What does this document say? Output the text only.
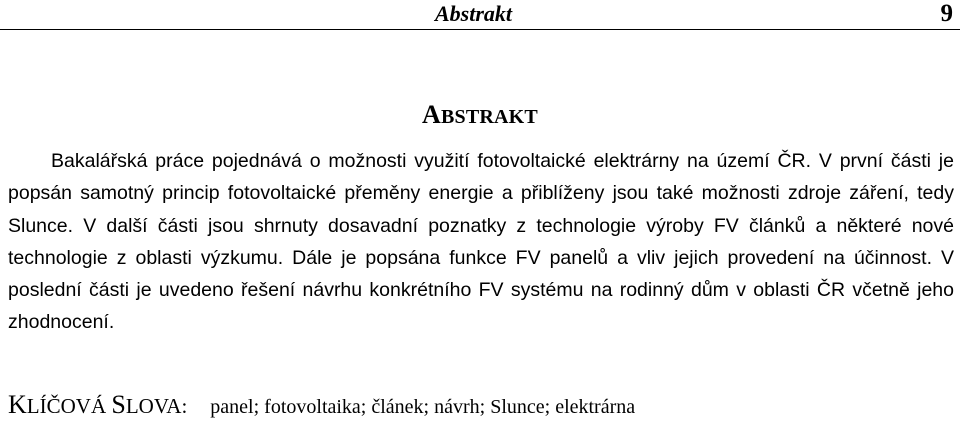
Abstrakt	9
ABSTRAKT

Bakalářská práce pojednává o možnosti využití fotovoltaické elektrárny na území ČR. V první části je popsán samotný princip fotovoltaické přeměny energie a přiblíženy jsou také možnosti zdroje záření, tedy Slunce. V další části jsou shrnuty dosavadní poznatky z technologie výroby FV článků a některé nové technologie z oblasti výzkumu. Dále je popsána funkce FV panelů a vliv jejich provedení na účinnost. V poslední části je uvedeno řešení návrhu konkrétního FV systému na rodinný dům v oblasti ČR včetně jeho zhodnocení.

KLÍČOVÁ SLOVA: panel; fotovoltaika; článek; návrh; Slunce; elektrárna
